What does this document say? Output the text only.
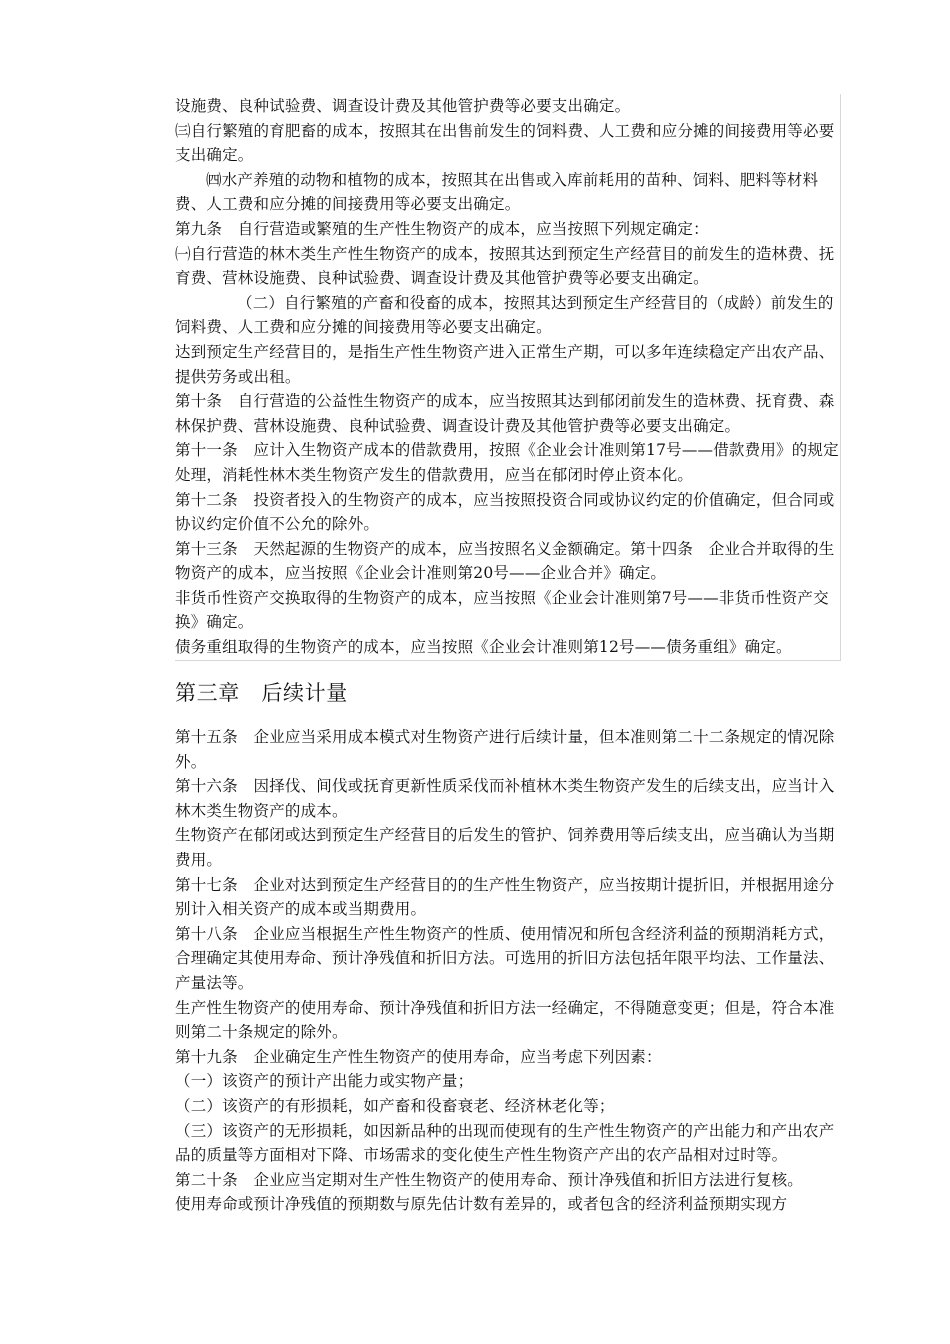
设施费、良种试验费、调查设计费及其他管护费等必要支出确定。

㈢自行繁殖的育肥畜的成本，按照其在出售前发生的饲料费、人工费和应分摊的间接费用等必要支出确定。

㈣水产养殖的动物和植物的成本，按照其在出售或入库前耗用的苗种、饲料、肥料等材料费、人工费和应分摊的间接费用等必要支出确定。

第九条　自行营造或繁殖的生产性生物资产的成本，应当按照下列规定确定：

㈠自行营造的林木类生产性生物资产的成本，按照其达到预定生产经营目的前发生的造林费、抚育费、营林设施费、良种试验费、调查设计费及其他管护费等必要支出确定。

（二）自行繁殖的产畜和役畜的成本，按照其达到预定生产经营目的（成龄）前发生的饲料费、人工费和应分摊的间接费用等必要支出确定。

达到预定生产经营目的，是指生产性生物资产进入正常生产期，可以多年连续稳定产出农产品、提供劳务或出租。

第十条　自行营造的公益性生物资产的成本，应当按照其达到郁闭前发生的造林费、抚育费、森林保护费、营林设施费、良种试验费、调查设计费及其他管护费等必要支出确定。

第十一条　应计入生物资产成本的借款费用，按照《企业会计准则第17号——借款费用》的规定处理，消耗性林木类生物资产发生的借款费用，应当在郁闭时停止资本化。

第十二条　投资者投入的生物资产的成本，应当按照投资合同或协议约定的价值确定，但合同或协议约定价值不公允的除外。

第十三条　天然起源的生物资产的成本，应当按照名义金额确定。第十四条　企业合并取得的生物资产的成本，应当按照《企业会计准则第20号——企业合并》确定。

非货币性资产交换取得的生物资产的成本，应当按照《企业会计准则第7号——非货币性资产交换》确定。

债务重组取得的生物资产的成本，应当按照《企业会计准则第12号——债务重组》确定。

第三章　后续计量

第十五条　企业应当采用成本模式对生物资产进行后续计量，但本准则第二十二条规定的情况除外。

第十六条　因择伐、间伐或抚育更新性质采伐而补植林木类生物资产发生的后续支出，应当计入林木类生物资产的成本。

生物资产在郁闭或达到预定生产经营目的后发生的管护、饲养费用等后续支出，应当确认为当期费用。

第十七条　企业对达到预定生产经营目的的生产性生物资产，应当按期计提折旧，并根据用途分别计入相关资产的成本或当期费用。

第十八条　企业应当根据生产性生物资产的性质、使用情况和所包含经济利益的预期消耗方式，合理确定其使用寿命、预计净残值和折旧方法。可选用的折旧方法包括年限平均法、工作量法、产量法等。

生产性生物资产的使用寿命、预计净残值和折旧方法一经确定，不得随意变更；但是，符合本准则第二十条规定的除外。

第十九条　企业确定生产性生物资产的使用寿命，应当考虑下列因素：

（一）该资产的预计产出能力或实物产量；

（二）该资产的有形损耗，如产畜和役畜衰老、经济林老化等；

（三）该资产的无形损耗，如因新品种的出现而使现有的生产性生物资产的产出能力和产出农产品的质量等方面相对下降、市场需求的变化使生产性生物资产产出的农产品相对过时等。

第二十条　企业应当定期对生产性生物资产的使用寿命、预计净残值和折旧方法进行复核。

使用寿命或预计净残值的预期数与原先估计数有差异的，或者包含的经济利益预期实现方
